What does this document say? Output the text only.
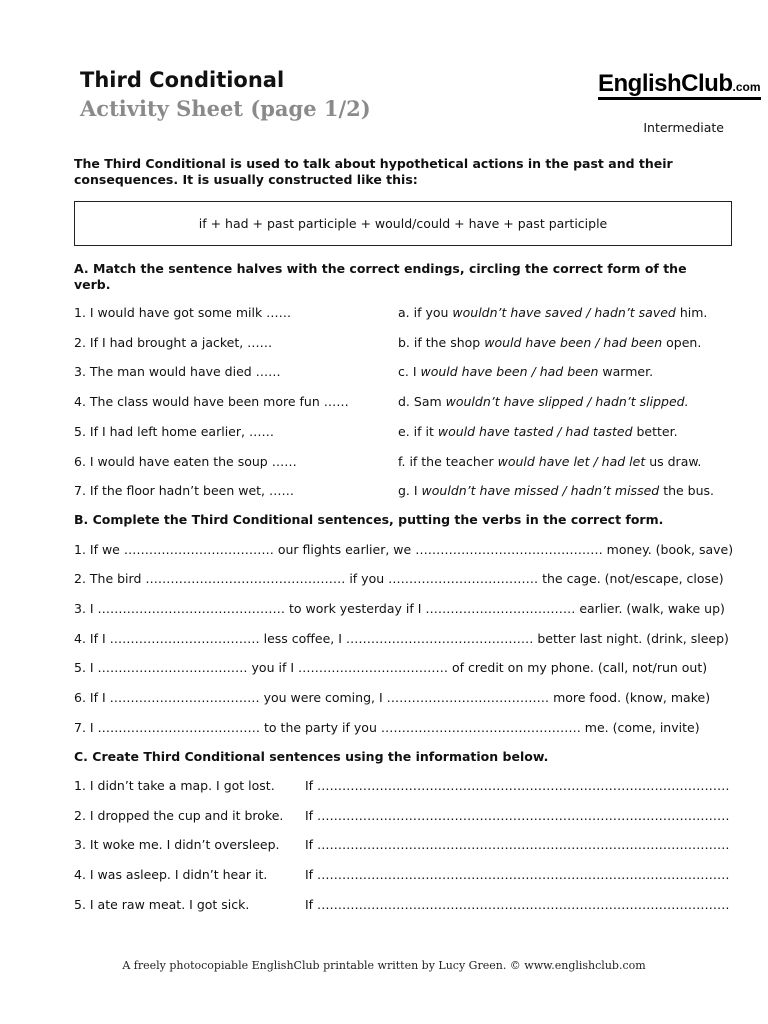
Third Conditional
Activity Sheet (page 1/2)
EnglishClub.com
Intermediate
The Third Conditional is used to talk about hypothetical actions in the past and their consequences. It is usually constructed like this:
if + had + past participle + would/could + have + past participle
A. Match the sentence halves with the correct endings, circling the correct form of the verb.
1. I would have got some milk ……
2. If I had brought a jacket, ……
3. The man would have died ……
4. The class would have been more fun ……
5. If I had left home earlier, ……
6. I would have eaten the soup ……
7. If the floor hadn’t been wet, ……
a. if you wouldn’t have saved / hadn’t saved him.
b. if the shop would have been / had been open.
c. I would have been / had been warmer.
d. Sam wouldn’t have slipped / hadn’t slipped.
e. if it would have tasted / had tasted better.
f. if the teacher would have let / had let us draw.
g. I wouldn’t have missed / hadn’t missed the bus.
B. Complete the Third Conditional sentences, putting the verbs in the correct form.
1. If we ……………………………… our flights earlier, we ……………………………………… money. (book, save)
2. The bird ………………………………………… if you ……………………………… the cage. (not/escape, close)
3. I ……………………………………… to work yesterday if I ……………………………… earlier. (walk, wake up)
4. If I ……………………………… less coffee, I ……………………………………… better last night. (drink, sleep)
5. I ……………………………… you if I ……………………………… of credit on my phone. (call, not/run out)
6. If I ……………………………… you were coming, I ………………………………… more food. (know, make)
7. I ………………………………… to the party if you ………………………………………… me. (come, invite)
C. Create Third Conditional sentences using the information below.
1. I didn’t take a map. I got lost. If ………………………………………………………………………………………
2. I dropped the cup and it broke. If ………………………………………………………………………………………
3. It woke me. I didn’t oversleep. If ………………………………………………………………………………………
4. I was asleep. I didn’t hear it.	If ………………………………………………………………………………………
5. I ate raw meat. I got sick.	If ………………………………………………………………………………………
A freely photocopiable EnglishClub printable written by Lucy Green. © www.englishclub.com
